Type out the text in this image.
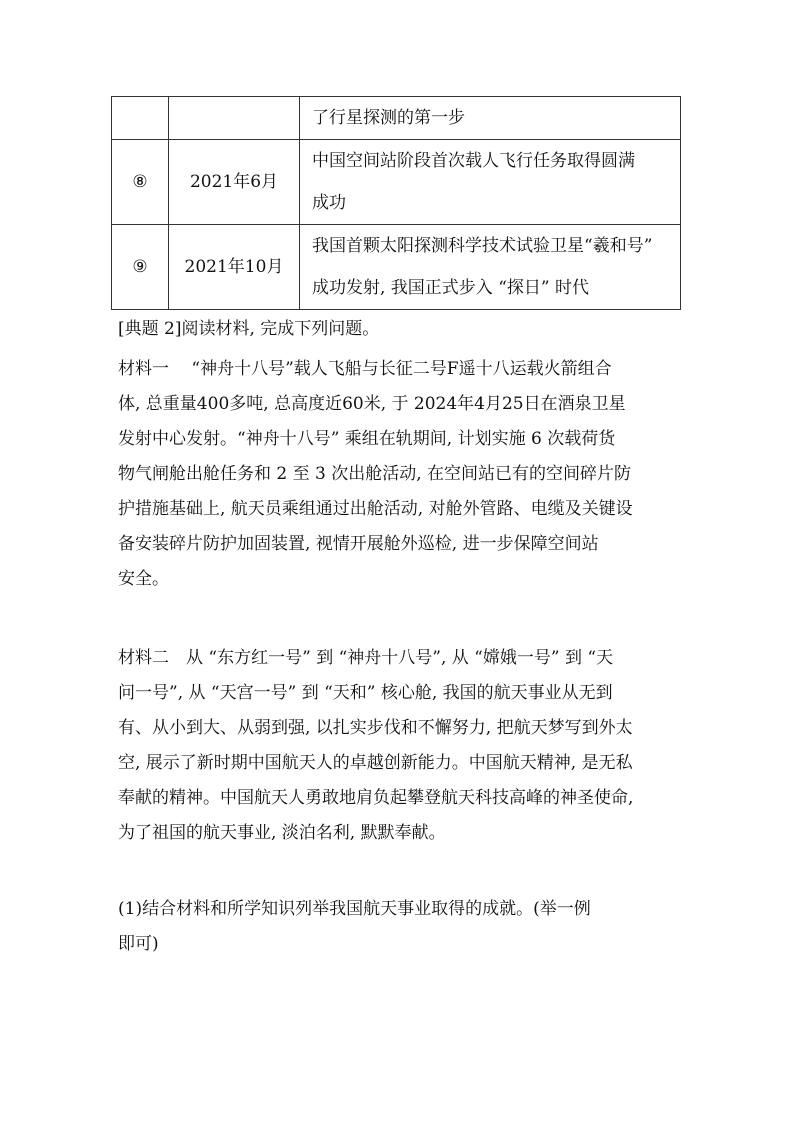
		了行星探测的第一步

⑧	2021年6月	中国空间站阶段首次载人飞行任务取得圆满
成功

⑨	2021年10月	我国首颗太阳探测科学技术试验卫星“羲和号”
成功发射, 我国正式步入 “探日” 时代
[典题 2]阅读材料, 完成下列问题。
材料一　 “神舟十八号”载人飞船与长征二号F遥十八运载火箭组合
体, 总重量400多吨, 总高度近60米, 于 2024年4月25日在酒泉卫星
发射中心发射。“神舟十八号” 乘组在轨期间, 计划实施 6 次载荷货
物气闸舱出舱任务和 2 至 3 次出舱活动, 在空间站已有的空间碎片防
护措施基础上, 航天员乘组通过出舱活动, 对舱外管路、电缆及关键设
备安装碎片防护加固装置, 视情开展舱外巡检, 进一步保障空间站
安全。
材料二　从 “东方红一号” 到 “神舟十八号”, 从 “嫦娥一号” 到 “天
问一号”, 从 “天宫一号” 到 “天和” 核心舱, 我国的航天事业从无到
有、从小到大、从弱到强, 以扎实步伐和不懈努力, 把航天梦写到外太
空, 展示了新时期中国航天人的卓越创新能力。中国航天精神, 是无私
奉献的精神。中国航天人勇敢地肩负起攀登航天科技高峰的神圣使命,
为了祖国的航天事业, 淡泊名利, 默默奉献。
(1)结合材料和所学知识列举我国航天事业取得的成就。(举一例
即可)
